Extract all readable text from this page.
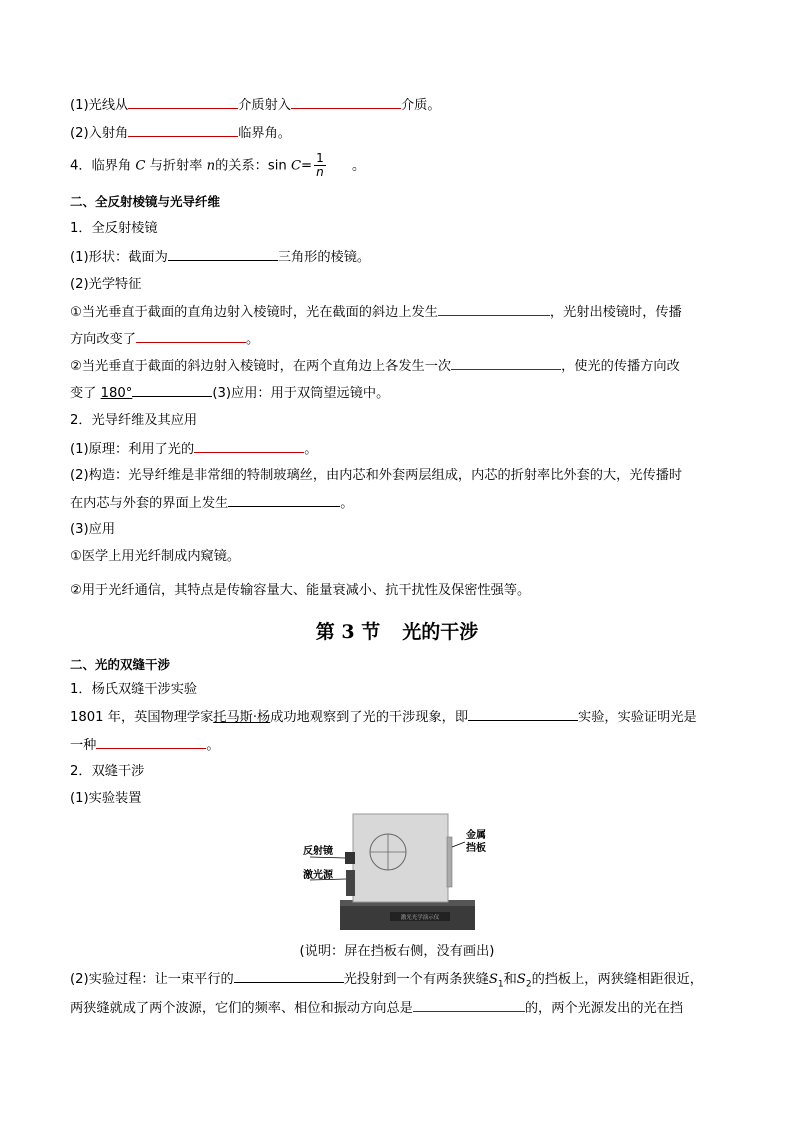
(1)光线从	介质射入	介质。
(2)入射角	临界角。
4．临界角 C 与折射率 n的关系：$\sin C= \frac{1}{n}$ 。
二、全反射棱镜与光导纤维
1．全反射棱镜
(1)形状：截面为	三角形的棱镜。
(2)光学特征
①当光垂直于截面的直角边射入棱镜时，光在截面的斜边上发生	，光射出棱镜时，传播
方向改变了	。
②当光垂直于截面的斜边射入棱镜时，在两个直角边上各发生一次	，使光的传播方向改
变了 180°	(3)应用：用于双筒望远镜中。
2．光导纤维及其应用
(1)原理：利用了光的	。
(2)构造：光导纤维是非常细的特制玻璃丝，由内芯和外套两层组成，内芯的折射率比外套的大，光传播时
在内芯与外套的界面上发生	。
(3)应用
①医学上用光纤制成内窥镜。
②用于光纤通信，其特点是传输容量大、能量衰减小、抗干扰性及保密性强等。
第 3 节 光的干涉
二、光的双缝干涉
1．杨氏双缝干涉实验
1801 年，英国物理学家托马斯·杨成功地观察到了光的干涉现象，即	实验，实验证明光是
一种	。
2．双缝干涉
(1)实验装置
激光光学演示仪
反射镜
激光源
金属
挡板
(说明：屏在挡板右侧，没有画出)
(2)实验过程：让一束平行的	光投射到一个有两条狭缝$S_1$和$S_2$的挡板上，两狭缝相距很近，
两狭缝就成了两个波源，它们的频率、相位和振动方向总是	的，两个光源发出的光在挡
